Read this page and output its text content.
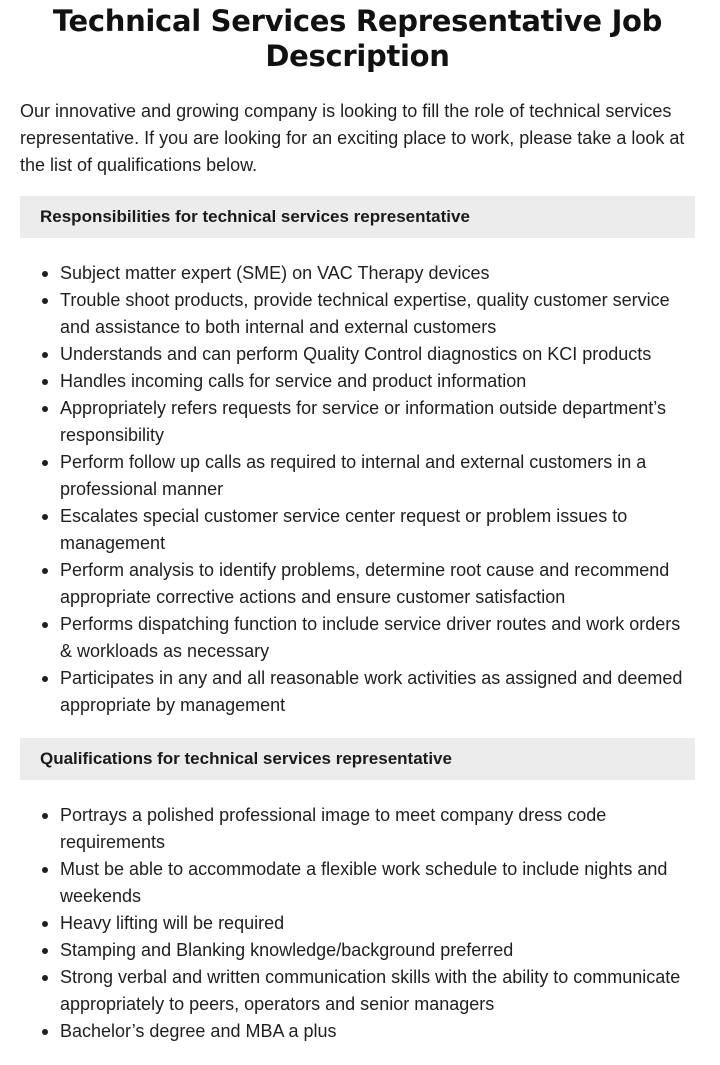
Technical Services Representative Job Description

Our innovative and growing company is looking to fill the role of technical services representative. If you are looking for an exciting place to work, please take a look at the list of qualifications below.

Responsibilities for technical services representative
Subject matter expert (SME) on VAC Therapy devices
Trouble shoot products, provide technical expertise, quality customer service and assistance to both internal and external customers
Understands and can perform Quality Control diagnostics on KCI products
Handles incoming calls for service and product information
Appropriately refers requests for service or information outside department’s responsibility
Perform follow up calls as required to internal and external customers in a professional manner
Escalates special customer service center request or problem issues to management
Perform analysis to identify problems, determine root cause and recommend appropriate corrective actions and ensure customer satisfaction
Performs dispatching function to include service driver routes and work orders & workloads as necessary
Participates in any and all reasonable work activities as assigned and deemed appropriate by management
Qualifications for technical services representative
Portrays a polished professional image to meet company dress code requirements
Must be able to accommodate a flexible work schedule to include nights and weekends
Heavy lifting will be required
Stamping and Blanking knowledge/background preferred
Strong verbal and written communication skills with the ability to communicate appropriately to peers, operators and senior managers
Bachelor’s degree and MBA a plus
